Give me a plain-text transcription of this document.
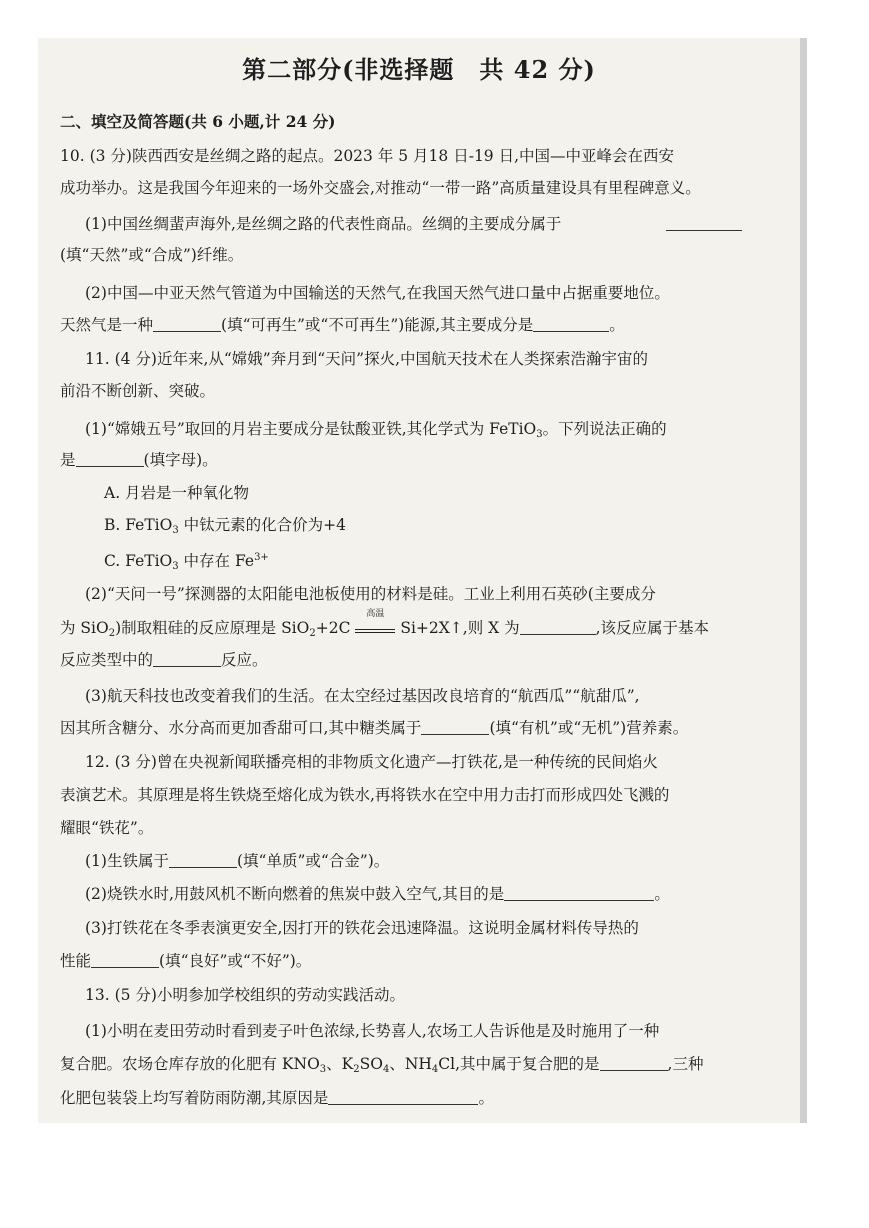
第二部分(非选择题　共 42 分)
二、填空及简答题(共 6 小题,计 24 分)
10. (3 分)陕西西安是丝绸之路的起点。2023 年 5 月18 日-19 日,中国—中亚峰会在西安
成功举办。这是我国今年迎来的一场外交盛会,对推动“一带一路”高质量建设具有里程碑意义。
(1)中国丝绸蜚声海外,是丝绸之路的代表性商品。丝绸的主要成分属于
(填“天然”或“合成”)纤维。
(2)中国—中亚天然气管道为中国输送的天然气,在我国天然气进口量中占据重要地位。
天然气是一种	(填“可再生”或“不可再生”)能源,其主要成分是	。
11. (4 分)近年来,从“嫦娥”奔月到“天问”探火,中国航天技术在人类探索浩瀚宇宙的
前沿不断创新、突破。
(1)“嫦娥五号”取回的月岩主要成分是钛酸亚铁,其化学式为 FeTiO$_3$。下列说法正确的
是	(填字母)。
A. 月岩是一种氧化物
B. FeTiO$_3$ 中钛元素的化合价为+4
C. FeTiO$_3$ 中存在 $Fe^{3+}$
(2)“天问一号”探测器的太阳能电池板使用的材料是硅。工业上利用石英砂(主要成分
为 SiO$_2$)制取粗硅的反应原理是 SiO$_2$+2C
高温
Si+2X↑,则 X 为	,该反应属于基本
反应类型中的	反应。
(3)航天科技也改变着我们的生活。在太空经过基因改良培育的“航西瓜”“航甜瓜”,
因其所含糖分、水分高而更加香甜可口,其中糖类属于	(填“有机”或“无机”)营养素。
12. (3 分)曾在央视新闻联播亮相的非物质文化遗产—打铁花,是一种传统的民间焰火
表演艺术。其原理是将生铁烧至熔化成为铁水,再将铁水在空中用力击打而形成四处飞溅的
耀眼“铁花”。
(1)生铁属于	(填“单质”或“合金”)。
(2)烧铁水时,用鼓风机不断向燃着的焦炭中鼓入空气,其目的是	。
(3)打铁花在冬季表演更安全,因打开的铁花会迅速降温。这说明金属材料传导热的
性能	(填“良好”或“不好”)。
13. (5 分)小明参加学校组织的劳动实践活动。
(1)小明在麦田劳动时看到麦子叶色浓绿,长势喜人,农场工人告诉他是及时施用了一种
复合肥。农场仓库存放的化肥有 $KNO_3$、$K_2SO_4$、$NH_4Cl$,其中属于复合肥的是	,三种
化肥包装袋上均写着防雨防潮,其原因是	。
